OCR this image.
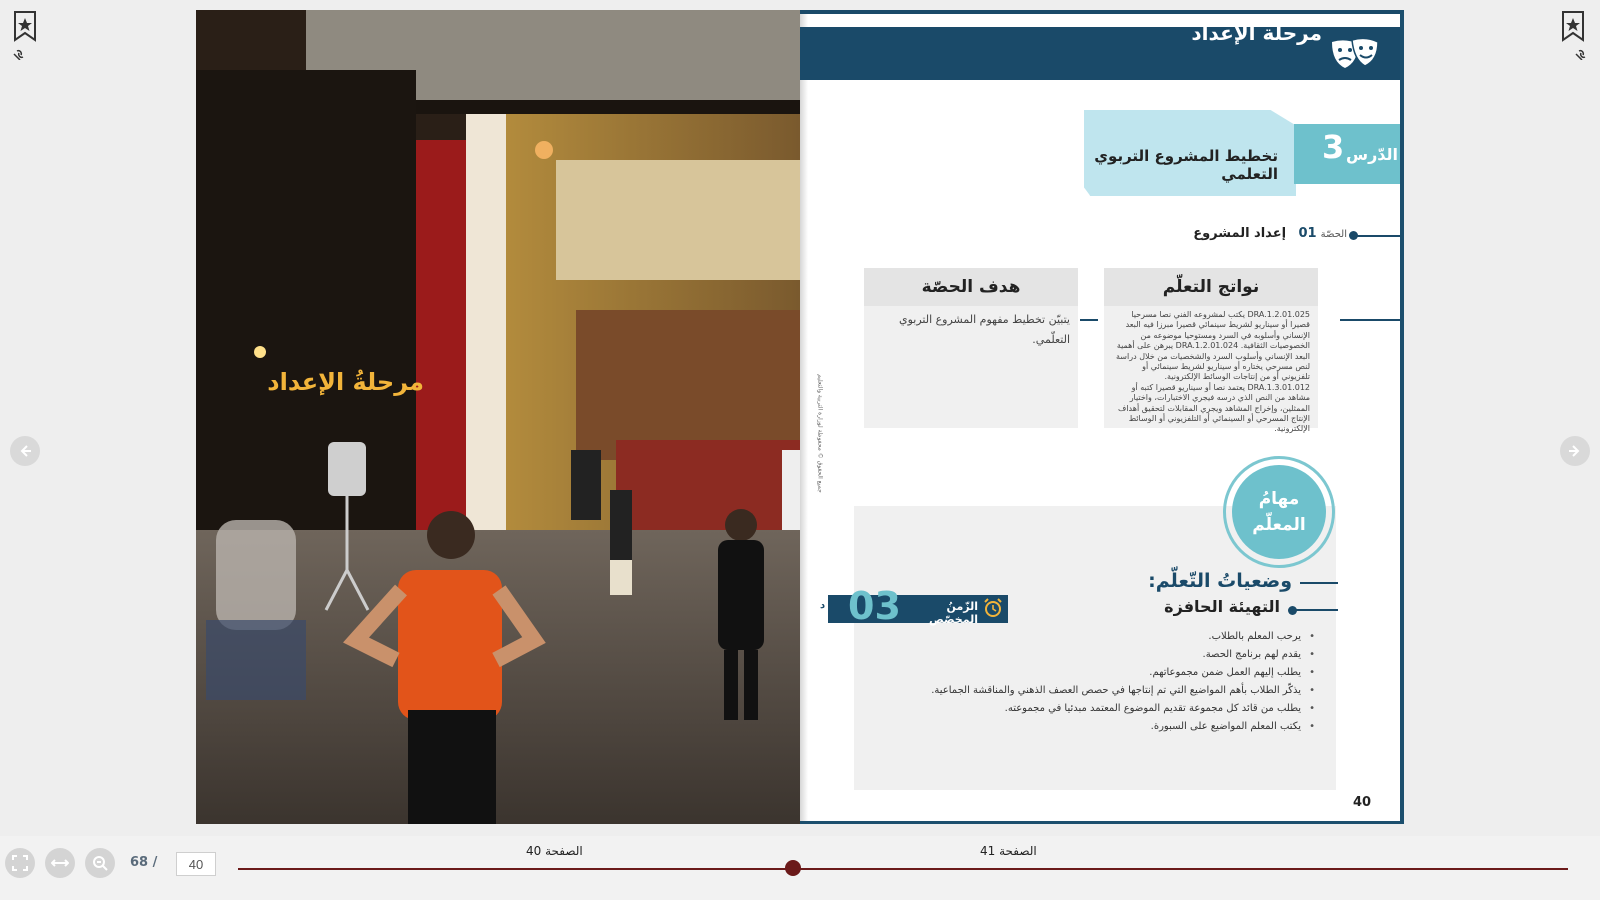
مرحلةُ الإعداد
مرحلة الإعداد
تخطيط المشروع التربوي التعلمي
3 الدّرس
الحصّة 01   إعداد المشروع
نواتج التعلّم
DRA.1.2.01.025 يكتب لمشروعه الفني نصا مسرحيا قصيرا أو سيناريو لشريط سينمائي قصيرا مبرزا فيه البعد الإنساني وأسلوبه في السرد ومستوحيا موضوعه من الخصوصيات الثقافية. DRA.1.2.01.024 يبرهن على أهمية البعد الإنساني وأسلوب السرد والشخصيات من خلال دراسة لنص مسرحي يختاره أو سيناريو لشريط سينمائي أو تلفزيوني أو من إنتاجات الوسائط الإلكترونية. DRA.1.3.01.012 يعتمد نصا أو سيناريو قصيرا كتبه أو مشاهد من النص الذي درسه فيجري الاختبارات، واختيار الممثلين، وإخراج المشاهد ويجري المقابلات لتحقيق أهداف الإنتاج المسرحي أو السينمائي أو التلفزيوني أو الوسائط الإلكترونية.
هدف الحصّة
يتبيّن تخطيط مفهوم المشروع التربوي التعلّمي.
مهامُ المعلّم
وضعياتُ التّعلّم:
التهيئة الحافزة
03
د	الزّمنُ المخصّص
• يرحب المعلم بالطلاب.
• يقدم لهم برنامج الحصة.
• يطلب إليهم العمل ضمن مجموعاتهم.
• يذكّر الطلاب بأهم المواضيع التي تم إنتاجها في حصص العصف الذهني والمناقشة الجماعية.
• يطلب من قائد كل مجموعة تقديم الموضوع المعتمد مبدئيا في مجموعته.
• يكتب المعلم المواضيع على السبورة.
جميع الحقوق © محفوظة لوزارة التربية والتعليم
40
الصفحة 40	الصفحة 41
68 /
40
